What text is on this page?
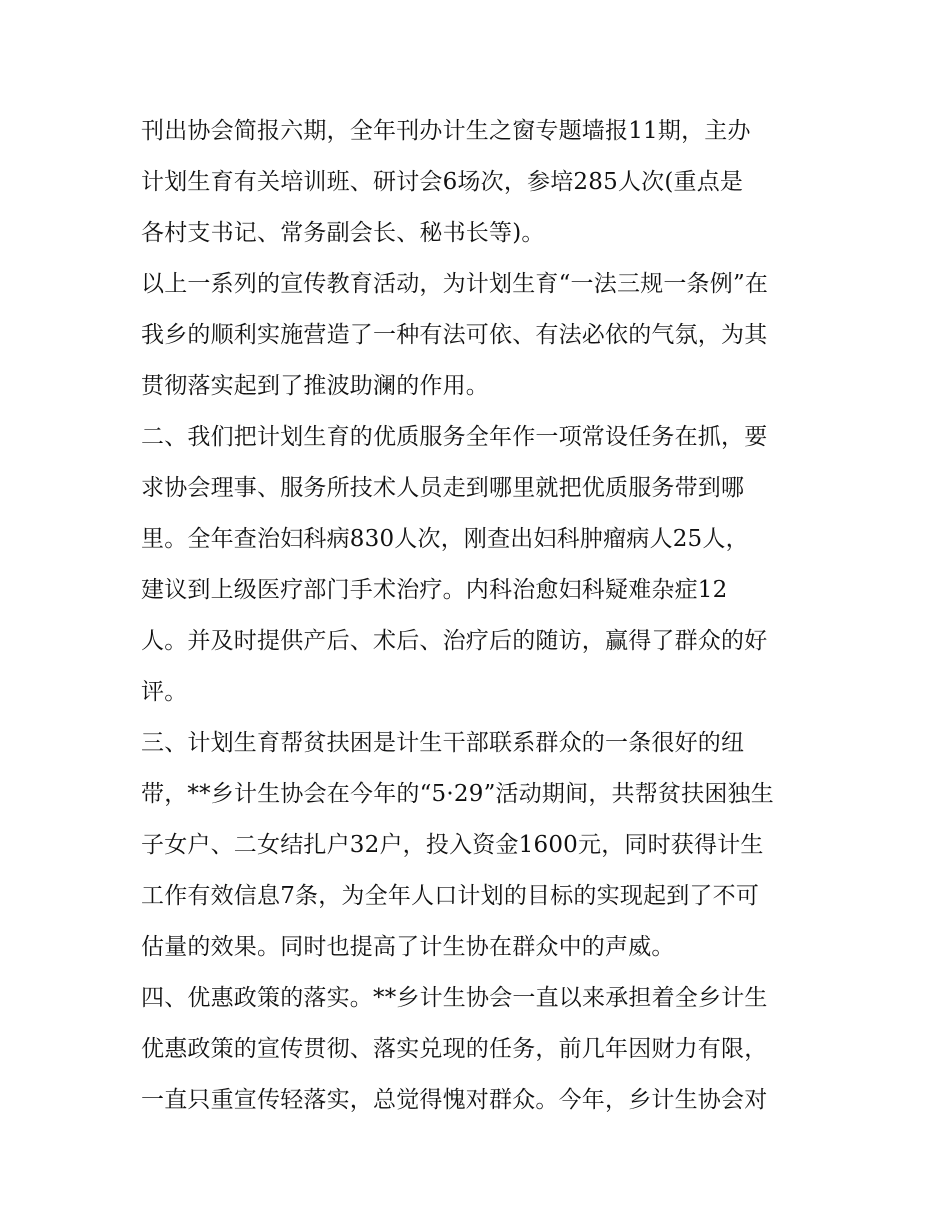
刊出协会简报六期，全年刊办计生之窗专题墙报11期，主办
计划生育有关培训班、研讨会6场次，参培285人次(重点是
各村支书记、常务副会长、秘书长等)。
以上一系列的宣传教育活动，为计划生育“一法三规一条例”在
我乡的顺利实施营造了一种有法可依、有法必依的气氛，为其
贯彻落实起到了推波助澜的作用。
二、我们把计划生育的优质服务全年作一项常设任务在抓，要
求协会理事、服务所技术人员走到哪里就把优质服务带到哪
里。全年查治妇科病830人次，刚查出妇科肿瘤病人25人，
建议到上级医疗部门手术治疗。内科治愈妇科疑难杂症12
人。并及时提供产后、术后、治疗后的随访，赢得了群众的好
评。
三、计划生育帮贫扶困是计生干部联系群众的一条很好的纽
带，**乡计生协会在今年的“5·29”活动期间，共帮贫扶困独生
子女户、二女结扎户32户，投入资金1600元，同时获得计生
工作有效信息7条，为全年人口计划的目标的实现起到了不可
估量的效果。同时也提高了计生协在群众中的声威。
四、优惠政策的落实。**乡计生协会一直以来承担着全乡计生
优惠政策的宣传贯彻、落实兑现的任务，前几年因财力有限，
一直只重宣传轻落实，总觉得愧对群众。今年，乡计生协会对
